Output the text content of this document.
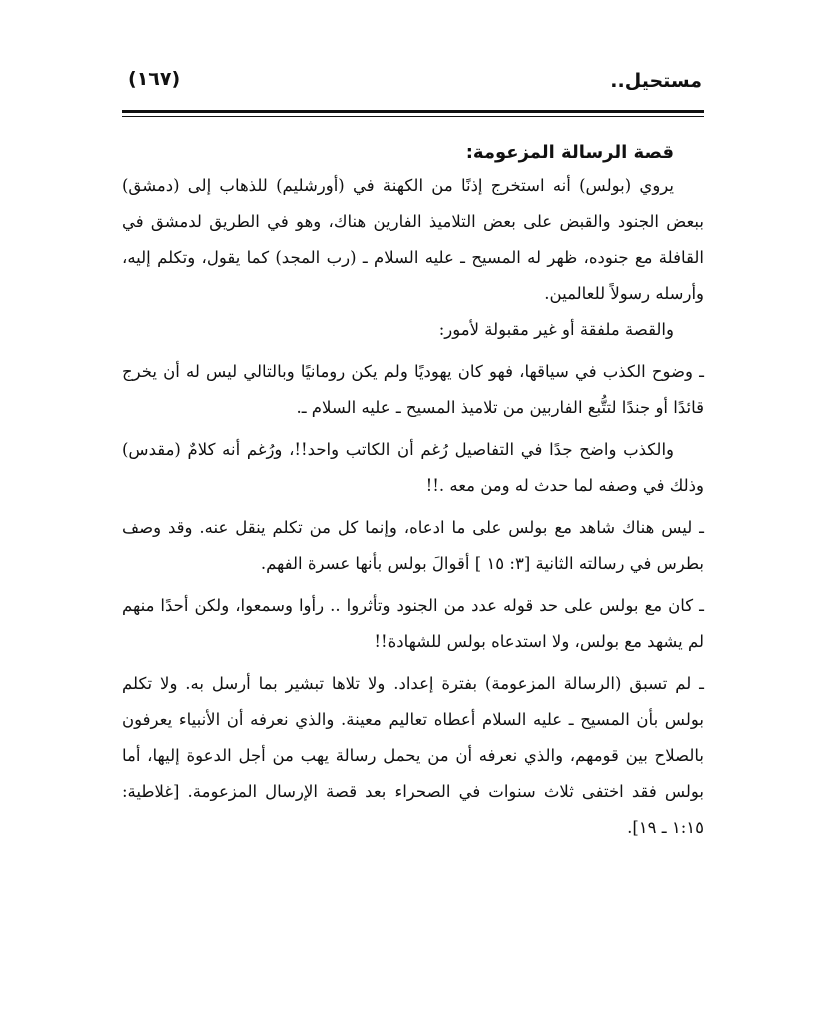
مستحيل..
(١٦٧)
قصة الرسالة المزعومة:

يروي (بولس) أنه استخرج إذنًا من الكهنة في (أورشليم) للذهاب إلى (دمشق) ببعض الجنود والقبض على بعض التلاميذ الفارين هناك، وهو في الطريق لدمشق في القافلة مع جنوده، ظهر له المسيح ـ عليه السلام ـ (رب المجد) كما يقول، وتكلم إليه، وأرسله رسولاً للعالمين.

والقصة ملفقة أو غير مقبولة لأمور:

ـ وضوح الكذب في سياقها، فهو كان يهوديًا ولم يكن رومانيًا وبالتالي ليس له أن يخرج قائدًا أو جندًا لتتُّبع الفاربين من تلاميذ المسيح ـ عليه السلام ـ.

والكذب واضح جدًا في التفاصيل رُغم أن الكاتب واحد!!، ورُغم أنه كلامٌ (مقدس) وذلك في وصفه لما حدث له ومن معه .!!

ـ ليس هناك شاهد مع بولس على ما ادعاه، وإنما كل من تكلم ينقل عنه. وقد وصف بطرس في رسالته الثانية [٣: ١٥ ] أقوالَ بولس بأنها عسرة الفهم.

ـ كان مع بولس على حد قوله عدد من الجنود وتأثروا .. رأوا وسمعوا، ولكن أحدًا منهم لم يشهد مع بولس، ولا استدعاه بولس للشهادة!!

ـ لم تسبق (الرسالة المزعومة) بفترة إعداد. ولا تلاها تبشير بما أرسل به. ولا تكلم بولس بأن المسيح ـ عليه السلام أعطاه تعاليم معينة. والذي نعرفه أن الأنبياء يعرفون بالصلاح بين قومهم، والذي نعرفه أن من يحمل رسالة يهب من أجل الدعوة إليها، أما بولس فقد اختفى ثلاث سنوات في الصحراء بعد قصة الإرسال المزعومة. [غلاطية: ١:١٥ ـ ١٩].
